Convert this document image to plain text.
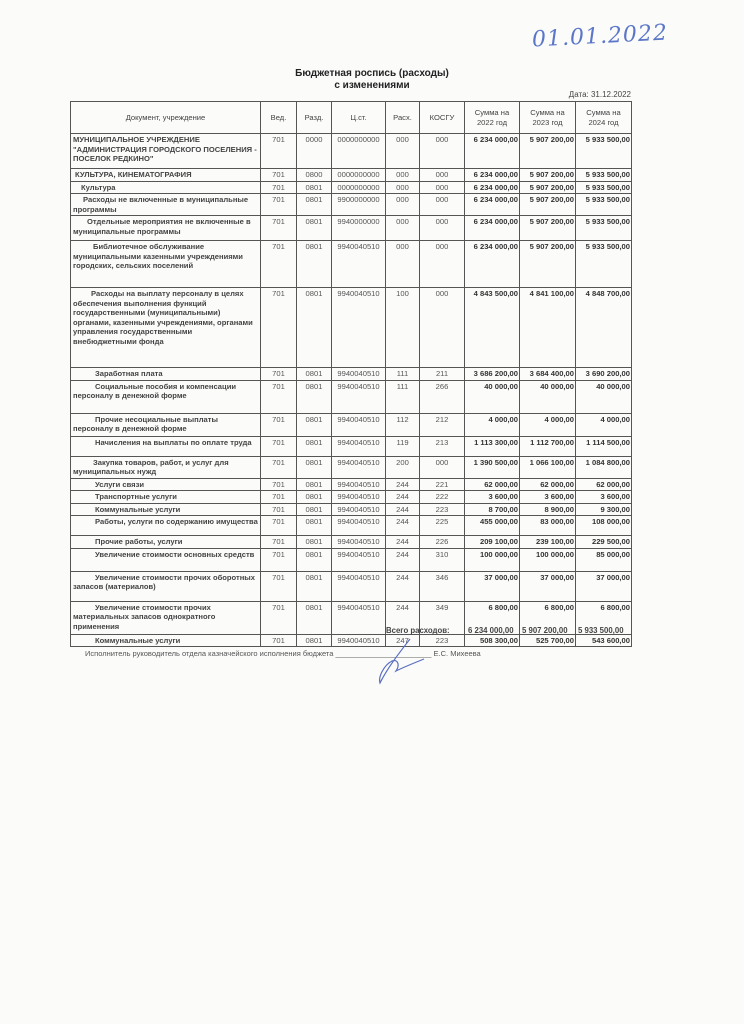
01.01.2022
Бюджетная роспись (расходы)
с изменениями
Дата: 31.12.2022
Документ, учреждение	Вед.	Разд.	Ц.ст.	Расх.	КОСГУ	Сумма на 2022 год	Сумма на 2023 год	Сумма на 2024 год
МУНИЦИПАЛЬНОЕ УЧРЕЖДЕНИЕ "АДМИНИСТРАЦИЯ ГОРОДСКОГО ПОСЕЛЕНИЯ - ПОСЕЛОК РЕДКИНО"	701	0000	0000000000	000	000	6 234 000,00	5 907 200,00	5 933 500,00
КУЛЬТУРА, КИНЕМАТОГРАФИЯ	701	0800	0000000000	000	000	6 234 000,00	5 907 200,00	5 933 500,00
Культура	701	0801	0000000000	000	000	6 234 000,00	5 907 200,00	5 933 500,00
Расходы не включенные в муниципальные программы	701	0801	9900000000	000	000	6 234 000,00	5 907 200,00	5 933 500,00
Отдельные мероприятия не включенные в муниципальные программы	701	0801	9940000000	000	000	6 234 000,00	5 907 200,00	5 933 500,00
Библиотечное обслуживание муниципальными казенными учреждениями городских, сельских поселений	701	0801	9940040510	000	000	6 234 000,00	5 907 200,00	5 933 500,00
Расходы на выплату персоналу в целях обеспечения выполнения функций государственными (муниципальными) органами, казенными учреждениями, органами управления государственными внебюджетными фонда	701	0801	9940040510	100	000	4 843 500,00	4 841 100,00	4 848 700,00
Заработная плата	701	0801	9940040510	111	211	3 686 200,00	3 684 400,00	3 690 200,00
Социальные пособия и компенсации персоналу в денежной форме	701	0801	9940040510	111	266	40 000,00	40 000,00	40 000,00
Прочие несоциальные выплаты персоналу в денежной форме	701	0801	9940040510	112	212	4 000,00	4 000,00	4 000,00
Начисления на выплаты по оплате труда	701	0801	9940040510	119	213	1 113 300,00	1 112 700,00	1 114 500,00
Закупка товаров, работ, и услуг для муниципальных нужд	701	0801	9940040510	200	000	1 390 500,00	1 066 100,00	1 084 800,00
Услуги связи	701	0801	9940040510	244	221	62 000,00	62 000,00	62 000,00
Транспортные услуги	701	0801	9940040510	244	222	3 600,00	3 600,00	3 600,00
Коммунальные услуги	701	0801	9940040510	244	223	8 700,00	8 900,00	9 300,00
Работы, услуги по содержанию имущества	701	0801	9940040510	244	225	455 000,00	83 000,00	108 000,00
Прочие работы, услуги	701	0801	9940040510	244	226	209 100,00	239 100,00	229 500,00
Увеличение стоимости основных средств	701	0801	9940040510	244	310	100 000,00	100 000,00	85 000,00
Увеличение стоимости прочих оборотных запасов (материалов)	701	0801	9940040510	244	346	37 000,00	37 000,00	37 000,00
Увеличение стоимости прочих материальных запасов однократного применения	701	0801	9940040510	244	349	6 800,00	6 800,00	6 800,00
Коммунальные услуги	701	0801	9940040510	247	223	508 300,00	525 700,00	543 600,00
Всего расходов: 6 234 000,00 5 907 200,00 5 933 500,00
Исполнитель руководитель отдела казначейского исполнения бюджета _______________________ Е.С. Михеева
